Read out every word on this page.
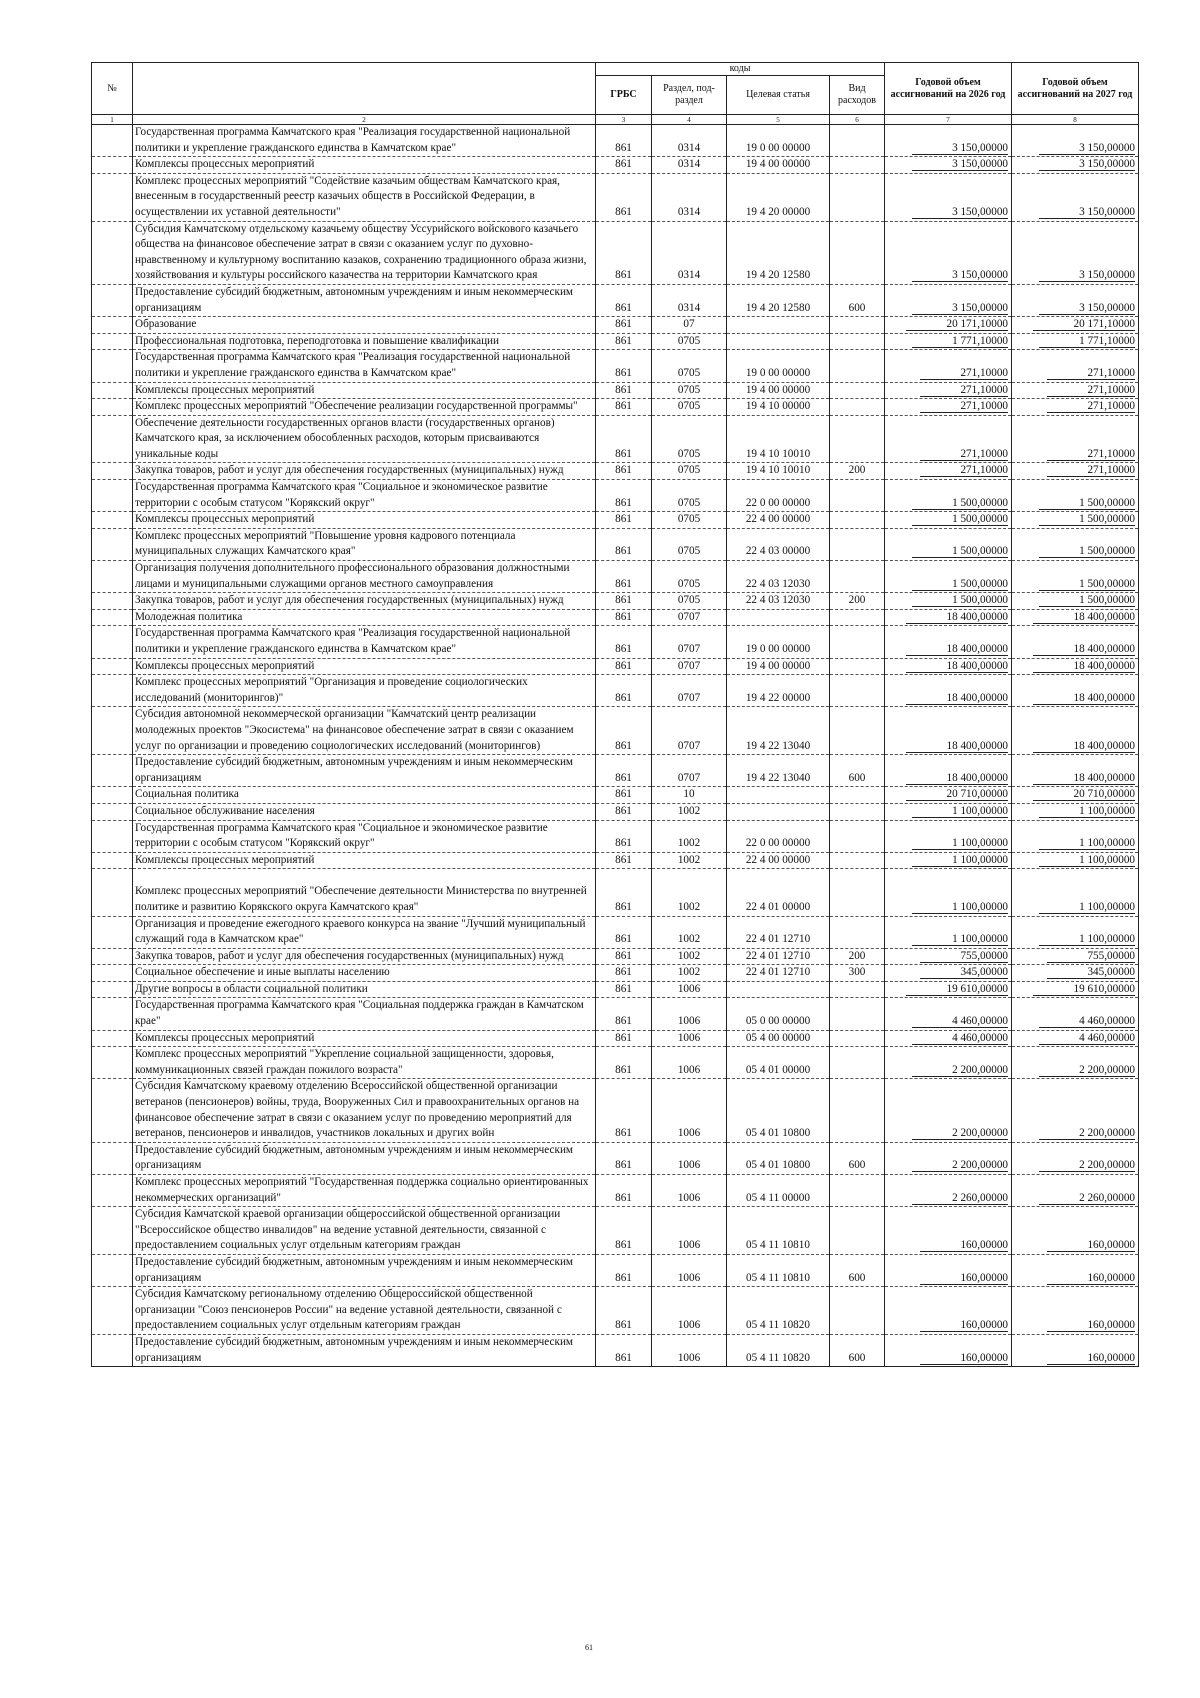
№		коды				Годовой объем ассигнований на 2026 год	Годовой объем ассигнований на 2027 год
		ГРБС	Раздел, под-раздел	Целевая статья	Вид расходов		
1	2	3	4	5	6	7	8
	Государственная программа Камчатского края "Реализация государственной национальной политики и укрепление гражданского единства в Камчатском крае"	861	0314	19 0 00 00000		3 150,00000	3 150,00000
	Комплексы процессных мероприятий	861	0314	19 4 00 00000		3 150,00000	3 150,00000
	Комплекс процессных мероприятий "Содействие казачьим обществам Камчатского края, внесенным в государственный реестр казачьих обществ в Российской Федерации, в осуществлении их уставной деятельности"	861	0314	19 4 20 00000		3 150,00000	3 150,00000
	Субсидия Камчатскому отдельскому казачьему обществу Уссурийского войскового казачьего общества на финансовое обеспечение затрат в связи с оказанием услуг по духовно-нравственному и культурному воспитанию казаков, сохранению традиционного образа жизни, хозяйствования и культуры российского казачества на территории Камчатского края	861	0314	19 4 20 12580		3 150,00000	3 150,00000
	Предоставление субсидий бюджетным, автономным учреждениям и иным некоммерческим организациям	861	0314	19 4 20 12580	600	3 150,00000	3 150,00000
	Образование	861	07			20 171,10000	20 171,10000
	Профессиональная подготовка, переподготовка и повышение квалификации	861	0705			1 771,10000	1 771,10000
	Государственная программа Камчатского края "Реализация государственной национальной политики и укрепление гражданского единства в Камчатском крае"	861	0705	19 0 00 00000		271,10000	271,10000
	Комплексы процессных мероприятий	861	0705	19 4 00 00000		271,10000	271,10000
	Комплекс процессных мероприятий "Обеспечение реализации государственной программы"	861	0705	19 4 10 00000		271,10000	271,10000
	Обеспечение деятельности государственных органов власти (государственных органов) Камчатского края, за исключением обособленных расходов, которым присваиваются уникальные коды	861	0705	19 4 10 10010		271,10000	271,10000
	Закупка товаров, работ и услуг для обеспечения государственных (муниципальных) нужд	861	0705	19 4 10 10010	200	271,10000	271,10000
	Государственная программа Камчатского края "Социальное и экономическое развитие территории с особым статусом "Корякский округ"	861	0705	22 0 00 00000		1 500,00000	1 500,00000
	Комплексы процессных мероприятий	861	0705	22 4 00 00000		1 500,00000	1 500,00000
	Комплекс процессных мероприятий "Повышение уровня кадрового потенциала муниципальных служащих Камчатского края"	861	0705	22 4 03 00000		1 500,00000	1 500,00000
	Организация получения дополнительного профессионального образования должностными лицами и муниципальными служащими органов местного самоуправления	861	0705	22 4 03 12030		1 500,00000	1 500,00000
	Закупка товаров, работ и услуг для обеспечения государственных (муниципальных) нужд	861	0705	22 4 03 12030	200	1 500,00000	1 500,00000
	Молодежная политика	861	0707			18 400,00000	18 400,00000
	Государственная программа Камчатского края "Реализация государственной национальной политики и укрепление гражданского единства в Камчатском крае"	861	0707	19 0 00 00000		18 400,00000	18 400,00000
	Комплексы процессных мероприятий	861	0707	19 4 00 00000		18 400,00000	18 400,00000
	Комплекс процессных мероприятий "Организация и проведение социологических исследований (мониторингов)"	861	0707	19 4 22 00000		18 400,00000	18 400,00000
	Субсидия автономной некоммерческой организации "Камчатский центр реализации молодежных проектов "Экосистема" на финансовое обеспечение затрат в связи с оказанием услуг по организации и проведению социологических исследований (мониторингов)	861	0707	19 4 22 13040		18 400,00000	18 400,00000
	Предоставление субсидий бюджетным, автономным учреждениям и иным некоммерческим организациям	861	0707	19 4 22 13040	600	18 400,00000	18 400,00000
	Социальная политика	861	10			20 710,00000	20 710,00000
	Социальное обслуживание населения	861	1002			1 100,00000	1 100,00000
	Государственная программа Камчатского края "Социальное и экономическое развитие территории с особым статусом "Корякский округ"	861	1002	22 0 00 00000		1 100,00000	1 100,00000
	Комплексы процессных мероприятий	861	1002	22 4 00 00000		1 100,00000	1 100,00000
	Комплекс процессных мероприятий "Обеспечение деятельности Министерства по внутренней политике и развитию Корякского округа Камчатского края"	861	1002	22 4 01 00000		1 100,00000	1 100,00000
	Организация и проведение ежегодного краевого конкурса на звание "Лучший муниципальный служащий года в Камчатском крае"	861	1002	22 4 01 12710		1 100,00000	1 100,00000
	Закупка товаров, работ и услуг для обеспечения государственных (муниципальных) нужд	861	1002	22 4 01 12710	200	755,00000	755,00000
	Социальное обеспечение и иные выплаты населению	861	1002	22 4 01 12710	300	345,00000	345,00000
	Другие вопросы в области социальной политики	861	1006			19 610,00000	19 610,00000
	Государственная программа Камчатского края "Социальная поддержка граждан в Камчатском крае"	861	1006	05 0 00 00000		4 460,00000	4 460,00000
	Комплексы процессных мероприятий	861	1006	05 4 00 00000		4 460,00000	4 460,00000
	Комплекс процессных мероприятий "Укрепление социальной защищенности, здоровья, коммуникационных связей граждан пожилого возраста"	861	1006	05 4 01 00000		2 200,00000	2 200,00000
	Субсидия Камчатскому краевому отделению Всероссийской общественной организации ветеранов (пенсионеров) войны, труда, Вооруженных Сил и правоохранительных органов на финансовое обеспечение затрат в связи с оказанием услуг по проведению мероприятий для ветеранов, пенсионеров и инвалидов, участников локальных и других войн	861	1006	05 4 01 10800		2 200,00000	2 200,00000
	Предоставление субсидий бюджетным, автономным учреждениям и иным некоммерческим организациям	861	1006	05 4 01 10800	600	2 200,00000	2 200,00000
	Комплекс процессных мероприятий "Государственная поддержка социально ориентированных некоммерческих организаций"	861	1006	05 4 11 00000		2 260,00000	2 260,00000
	Субсидия Камчатской краевой организации общероссийской общественной организации "Всероссийское общество инвалидов" на ведение уставной деятельности, связанной с предоставлением социальных услуг отдельным категориям граждан	861	1006	05 4 11 10810		160,00000	160,00000
	Предоставление субсидий бюджетным, автономным учреждениям и иным некоммерческим организациям	861	1006	05 4 11 10810	600	160,00000	160,00000
	Субсидия Камчатскому региональному отделению Общероссийской общественной организации "Союз пенсионеров России" на ведение уставной деятельности, связанной с предоставлением социальных услуг отдельным категориям граждан	861	1006	05 4 11 10820		160,00000	160,00000
	Предоставление субсидий бюджетным, автономным учреждениям и иным некоммерческим организациям	861	1006	05 4 11 10820	600	160,00000	160,00000
61
